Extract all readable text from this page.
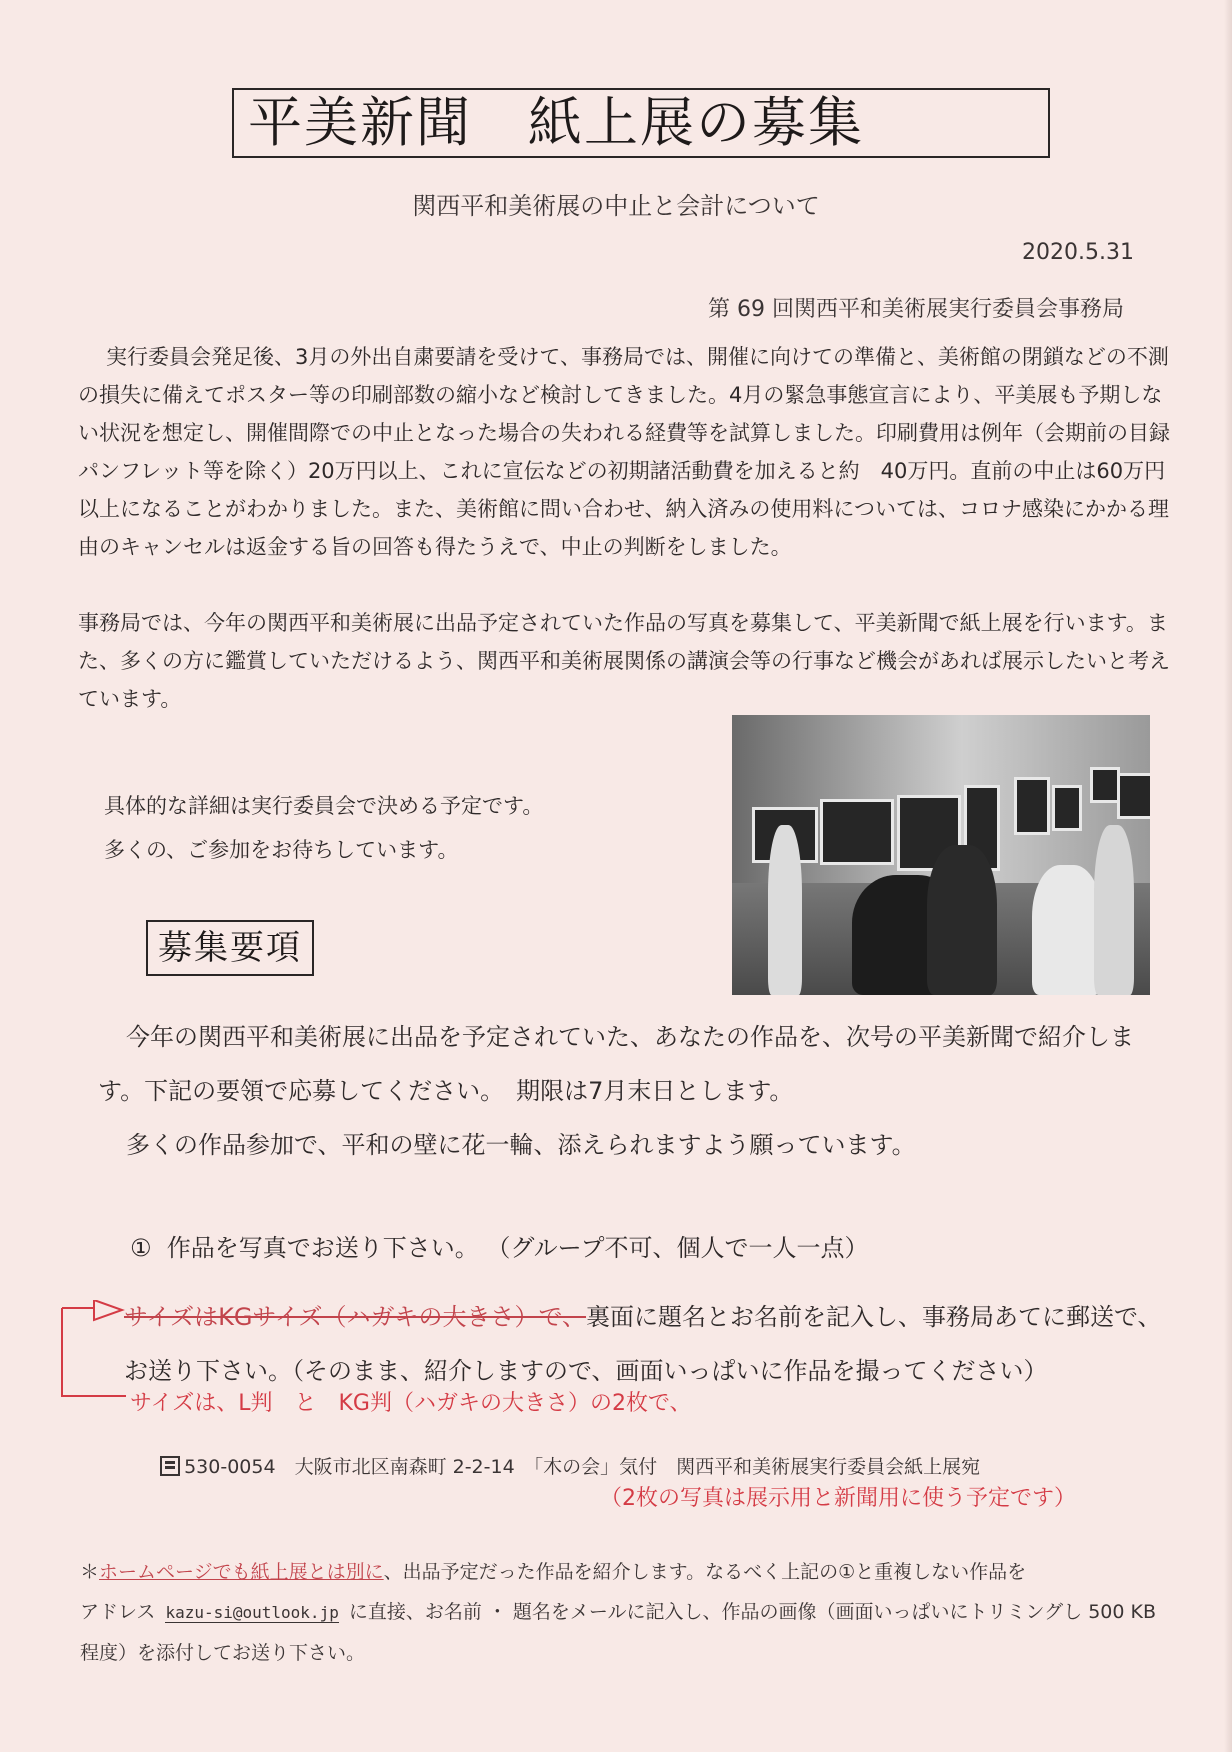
平美新聞　紙上展の募集
関西平和美術展の中止と会計について
2020.5.31
第 69 回関西平和美術展実行委員会事務局
実行委員会発足後、3月の外出自粛要請を受けて、事務局では、開催に向けての準備と、美術館の閉鎖などの不測の損失に備えてポスター等の印刷部数の縮小など検討してきました。4月の緊急事態宣言により、平美展も予期しない状況を想定し、開催間際での中止となった場合の失われる経費等を試算しました。印刷費用は例年（会期前の目録パンフレット等を除く）20万円以上、これに宣伝などの初期諸活動費を加えると約　40万円。直前の中止は60万円以上になることがわかりました。また、美術館に問い合わせ、納入済みの使用料については、コロナ感染にかかる理由のキャンセルは返金する旨の回答も得たうえで、中止の判断をしました。
事務局では、今年の関西平和美術展に出品予定されていた作品の写真を募集して、平美新聞で紙上展を行います。また、多くの方に鑑賞していただけるよう、関西平和美術展関係の講演会等の行事など機会があれば展示したいと考えています。
具体的な詳細は実行委員会で決める予定です。
多くの、ご参加をお待ちしています。
募集要項
今年の関西平和美術展に出品を予定されていた、あなたの作品を、次号の平美新聞で紹介します。下記の要領で応募してください。　期限は7月末日とします。
多くの作品参加で、平和の壁に花一輪、添えられますよう願っています。
①  作品を写真でお送り下さい。 （グループ不可、個人で一人一点）
サイズはKGサイズ（ハガキの大きさ）で、裏面に題名とお名前を記入し、事務局あてに郵送で、お送り下さい。（そのまま、紹介しますので、画面いっぱいに作品を撮ってください）
サイズは、L判　と　KG判（ハガキの大きさ）の2枚で、

530-0054　大阪市北区南森町 2-2-14　「木の会」気付　関西平和美術展実行委員会紙上展宛

（2枚の写真は展示用と新聞用に使う予定です）
＊ホームページでも紙上展とは別に、出品予定だった作品を紹介します。なるべく上記の①と重複しない作品を
アドレス kazu-si@outlook.jp に直接、お名前 ・ 題名をメールに記入し、作品の画像（画面いっぱいにトリミングし 500 KB程度）を添付してお送り下さい。
